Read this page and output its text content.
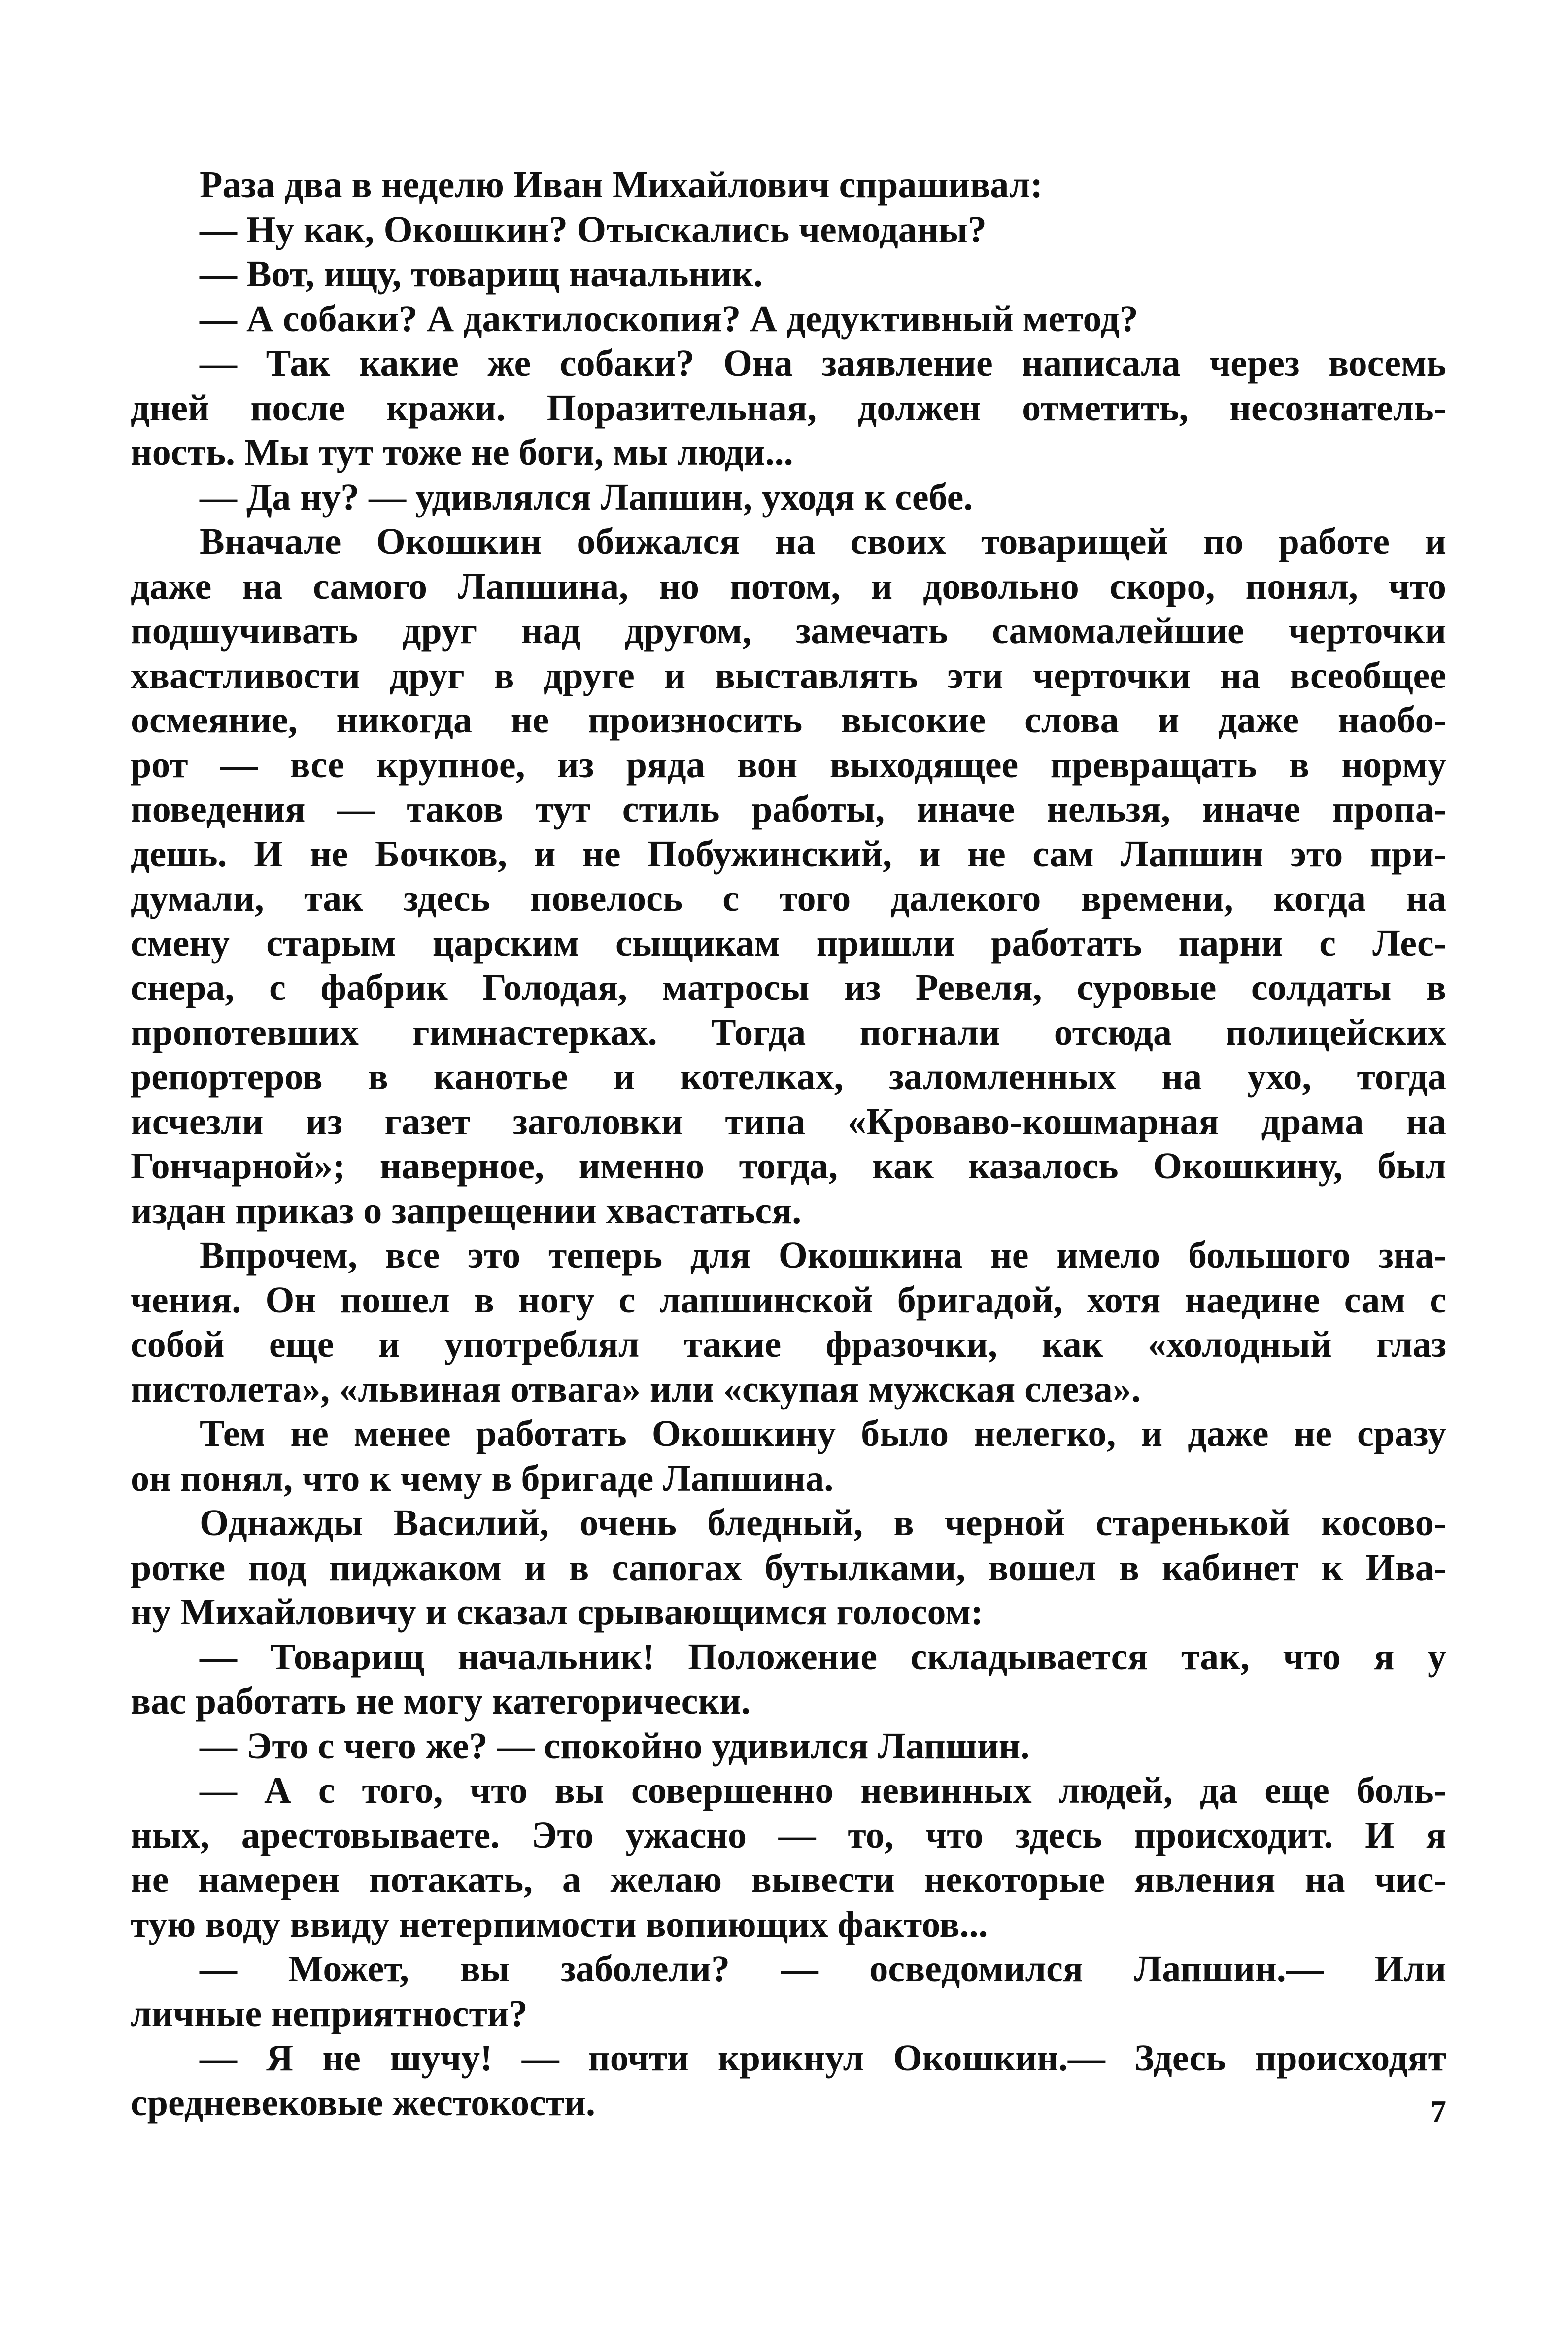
Раза два в неделю Иван Михайлович спрашивал:
— Ну как, Окошкин? Отыскались чемоданы?
— Вот, ищу, товарищ начальник.
— А собаки? А дактилоскопия? А дедуктивный метод?
— Так какие же собаки? Она заявление написала через восемь
дней после кражи. Поразительная, должен отметить, несознатель-
ность. Мы тут тоже не боги, мы люди...
— Да ну? — удивлялся Лапшин, уходя к себе.
Вначале Окошкин обижался на своих товарищей по работе и
даже на самого Лапшина, но потом, и довольно скоро, понял, что
подшучивать друг над другом, замечать самомалейшие черточки
хвастливости друг в друге и выставлять эти черточки на всеобщее
осмеяние, никогда не произносить высокие слова и даже наобо-
рот — все крупное, из ряда вон выходящее превращать в норму
поведения — таков тут стиль работы, иначе нельзя, иначе пропа-
дешь. И не Бочков, и не Побужинский, и не сам Лапшин это при-
думали, так здесь повелось с того далекого времени, когда на
смену старым царским сыщикам пришли работать парни с Лес-
снера, с фабрик Голодая, матросы из Ревеля, суровые солдаты в
пропотевших гимнастерках. Тогда погнали отсюда полицейских
репортеров в канотье и котелках, заломленных на ухо, тогда
исчезли из газет заголовки типа «Кроваво-кошмарная драма на
Гончарной»; наверное, именно тогда, как казалось Окошкину, был
издан приказ о запрещении хвастаться.
Впрочем, все это теперь для Окошкина не имело большого зна-
чения. Он пошел в ногу с лапшинской бригадой, хотя наедине сам с
собой еще и употреблял такие фразочки, как «холодный глаз
пистолета», «львиная отвага» или «скупая мужская слеза».
Тем не менее работать Окошкину было нелегко, и даже не сразу
он понял, что к чему в бригаде Лапшина.
Однажды Василий, очень бледный, в черной старенькой косово-
ротке под пиджаком и в сапогах бутылками, вошел в кабинет к Ива-
ну Михайловичу и сказал срывающимся голосом:
— Товарищ начальник! Положение складывается так, что я у
вас работать не могу категорически.
— Это с чего же? — спокойно удивился Лапшин.
— А с того, что вы совершенно невинных людей, да еще боль-
ных, арестовываете. Это ужасно — то, что здесь происходит. И я
не намерен потакать, а желаю вывести некоторые явления на чис-
тую воду ввиду нетерпимости вопиющих фактов...
— Может, вы заболели? — осведомился Лапшин.— Или
личные неприятности?
— Я не шучу! — почти крикнул Окошкин.— Здесь происходят
средневековые жестокости.	7
